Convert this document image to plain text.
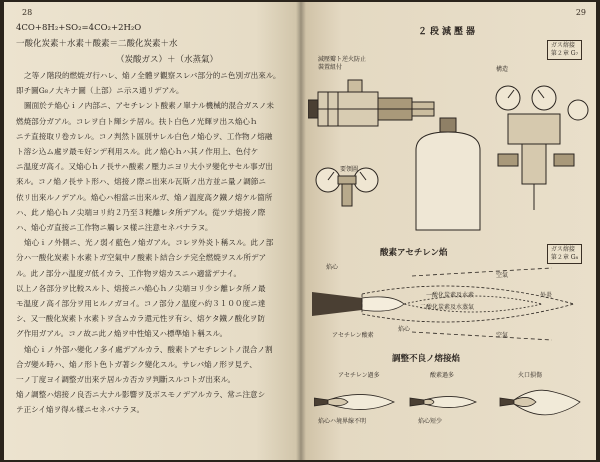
28
4CO+8H₂+SO₂=4CO₂+2H₂O
一酸化炭素＋水素＋酸素＝二酸化炭素＋水
（炭酸ガス）＋（水蒸氣）
之等ノ階段的燃焼ガ行ハレ、焔ノ全體ヲ觀察スレバ部分的ニ色別ガ出來ル。
即チ圖G₈ノ大キナ圖（上部）ニ示ス通リデアル。
圖面於テ焔心ｉノ内部ニ、アセチレント酸素ノ單ナル機械的混合ガスノ未
燃焼部分ガアル。コレヲ白ト輝シテ居ル。扶ト白色ノ光輝ヲ出ス焔心ｈ
ニテ直接取リ卷カレル。コノ判然ト區別サレル白色ノ焔心ヲ、工作物ノ熔融
ト溶シ込ム處ヲ最モ好ンデ利用スル。此ノ焔心ｈハ其ノ作用上、色付ケ
ニ温度ガ高イ。又焔心ｈノ長サハ酸素ノ壓力ニヨリ大小ヲ變化サセル事ガ出
來ル。コノ焔ノ長サト形ハ、熔接ノ際ニ出來ル瓦斯ノ出方並ニ量ノ調節ニ
依リ出來ルノデアル。焔心ハ相當ニ出來ルガ、焔ノ温度高ク鐵ノ熔ケル箇所
ハ、此ノ焔心ｈノ尖端ヨリ約２乃至３粍離レタ所デアル。從ツテ熔接ノ際
ハ、焔心ガ直接ニ工作物ニ觸レヌ樣ニ注意セネバナラヌ。
焔心ｉノ外側ニ、光ノ弱イ藍色ノ焔ガアル。コレヲ外炎ト稱スル。此ノ部
分ハ一酸化炭素ト水素トガ空氣中ノ酸素ト結合シテ完全燃焼ヲスル所デア
ル。此ノ部分ハ温度ガ低イカラ、工作物ヲ熔カスニハ適當デナイ。
以上ノ各部分ヲ比較スルト、熔接ニハ焔心ｈノ尖端ヨリ少シ離レタ所ノ最
モ温度ノ高イ部分ヲ用ヒルノガヨイ。コノ部分ノ温度ハ約３１００度ニ達
シ、又一酸化炭素ト水素トヲ含ムカラ還元性ヲ有シ、熔ケタ鐵ノ酸化ヲ防
グ作用ガアル。コノ故ニ此ノ焔ヲ中性焔又ハ標準焔ト稱スル。
焔心ｉノ外部ハ變化ノ多イ處デアルカラ、酸素トアセチレントノ混合ノ割
合ガ變ル時ハ、焔ノ形ト色トガ著シク變化スル。サレバ焔ノ形ヲ見テ、
一ノ丁度ヨイ調整ガ出來テ居ルカ否カヲ判斷スルコトガ出來ル。
焔ノ調整ハ熔接ノ良否ニ大ナル影響ヲ及ボスモノデアルカラ、常ニ注意シ
テ正シイ焔ヲ得ル樣ニセネバナラヌ。
29
２段減壓器
ガス熔接
第２章 G₇
減壓瓣ト逆火防止
裝置組付	構造
要領圖
酸素アセチレン焰	ガス熔接
第２章 G₈
焰心
一酸化炭素及水素	外炎
空氣
空氣
焰心
アセチレン酸素
二酸化炭素及水蒸氣
調整不良ノ熔接焰
アセチレン過多	酸素過多	火口損傷
焰心ハ境界線不明	焰心短少
